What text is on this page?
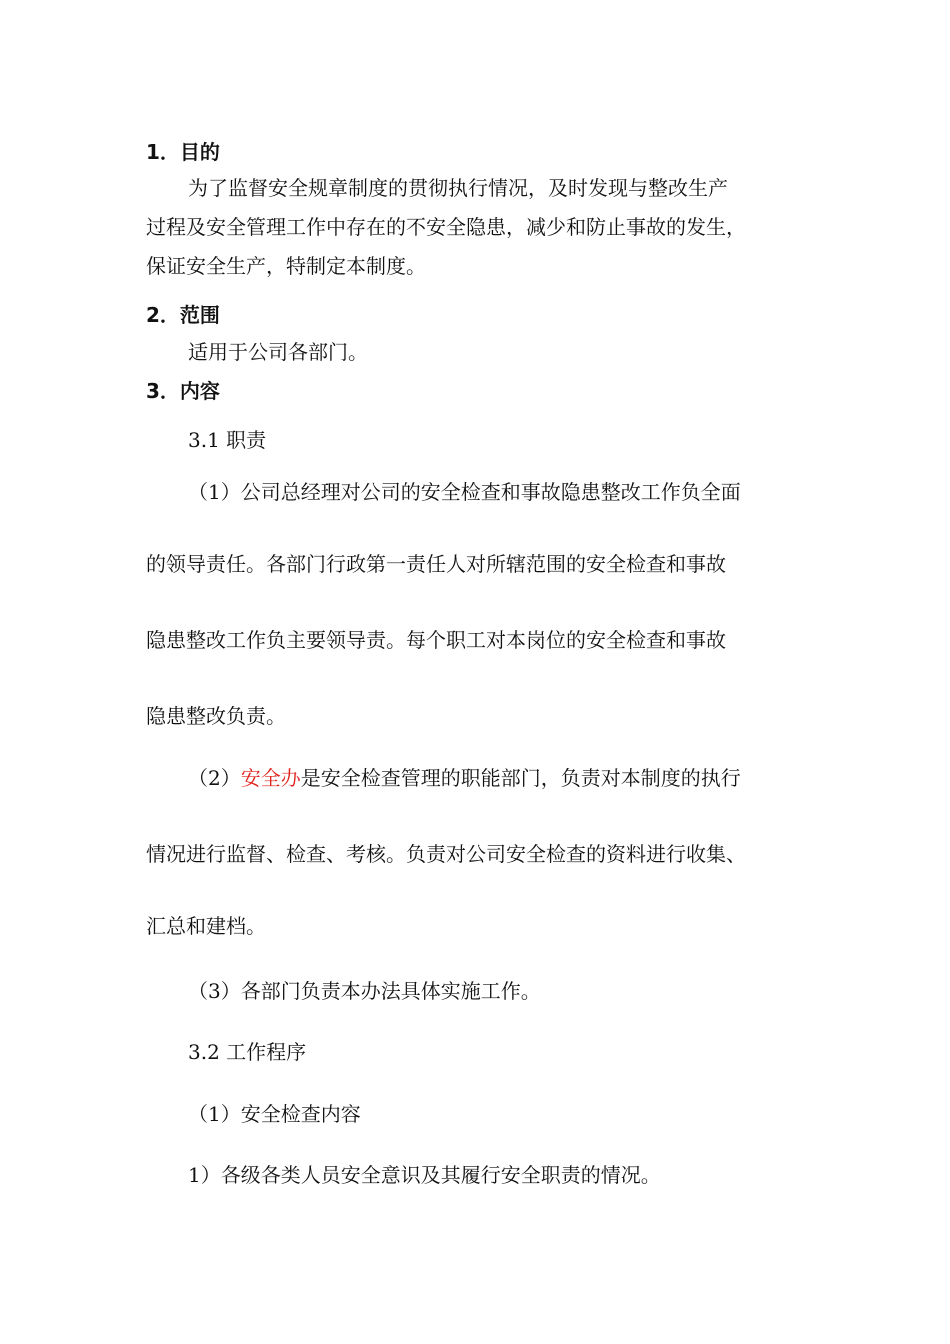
1．目的
为了监督安全规章制度的贯彻执行情况，及时发现与整改生产
过程及安全管理工作中存在的不安全隐患，减少和防止事故的发生，
保证安全生产，特制定本制度。
2．范围
适用于公司各部门。
3．内容
3.1 职责
（1）公司总经理对公司的安全检查和事故隐患整改工作负全面
的领导责任。各部门行政第一责任人对所辖范围的安全检查和事故
隐患整改工作负主要领导责。每个职工对本岗位的安全检查和事故
隐患整改负责。
（2）安全办是安全检查管理的职能部门，负责对本制度的执行
情况进行监督、检查、考核。负责对公司安全检查的资料进行收集、
汇总和建档。
（3）各部门负责本办法具体实施工作。
3.2 工作程序
（1）安全检查内容
1）各级各类人员安全意识及其履行安全职责的情况。
